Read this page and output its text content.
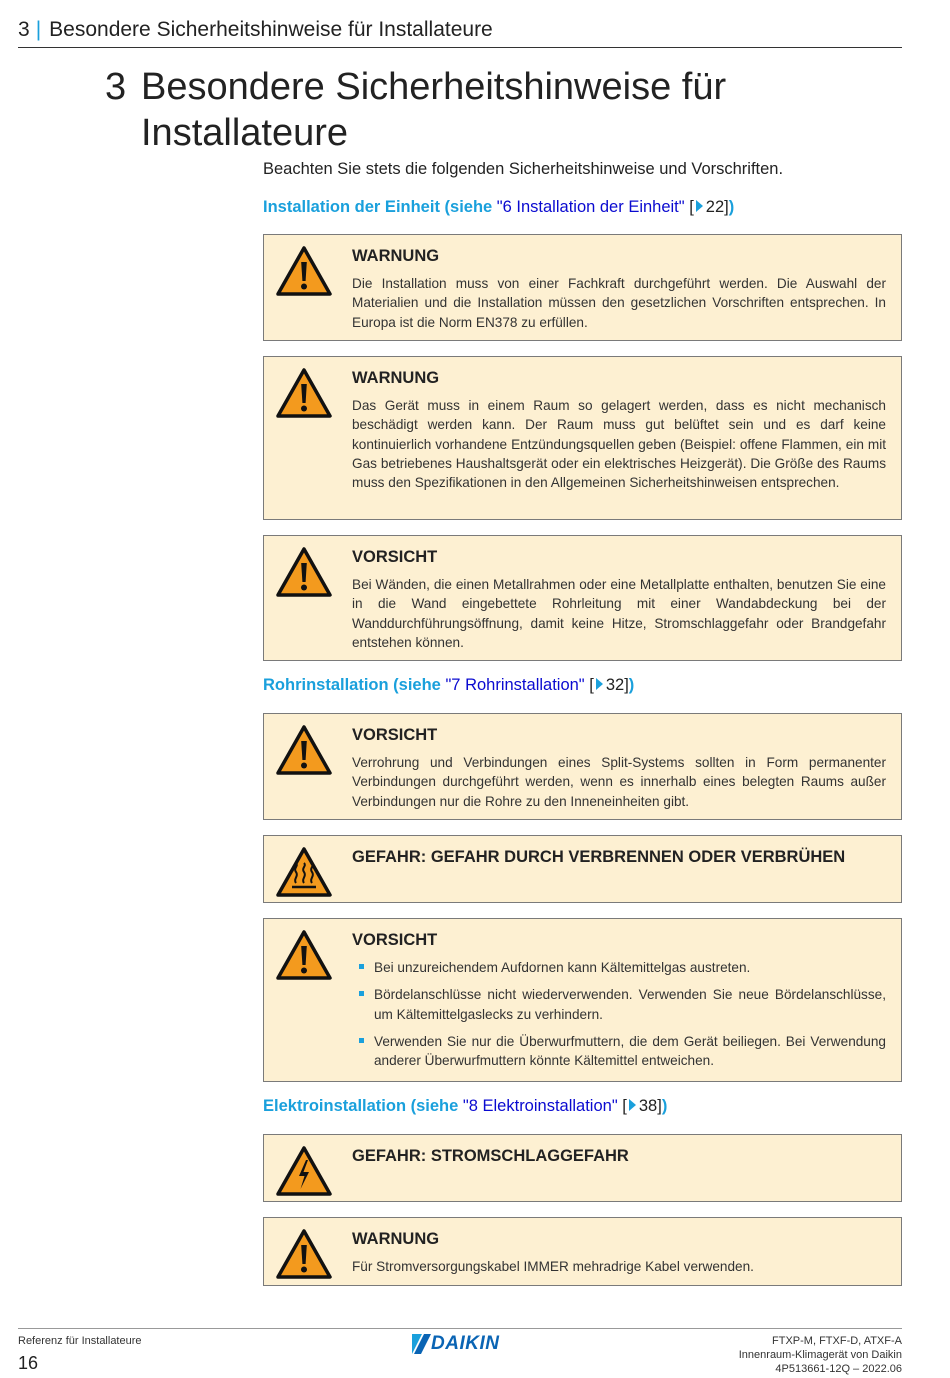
3 | Besondere Sicherheitshinweise für Installateure
3 Besondere Sicherheitshinweise für
Installateure

Beachten Sie stets die folgenden Sicherheitshinweise und Vorschriften.

Installation der Einheit (siehe "6 Installation der Einheit" [ 22])
WARNUNG
Die Installation muss von einer Fachkraft durchgeführt werden. Die Auswahl der Materialien und die Installation müssen den gesetzlichen Vorschriften entsprechen. In Europa ist die Norm EN378 zu erfüllen.
WARNUNG
Das Gerät muss in einem Raum so gelagert werden, dass es nicht mechanisch beschädigt werden kann. Der Raum muss gut belüftet sein und es darf keine kontinuierlich vorhandene Entzündungsquellen geben (Beispiel: offene Flammen, ein mit Gas betriebenes Haushaltsgerät oder ein elektrisches Heizgerät). Die Größe des Raums muss den Spezifikationen in den Allgemeinen Sicherheitshinweisen entsprechen.
VORSICHT
Bei Wänden, die einen Metallrahmen oder eine Metallplatte enthalten, benutzen Sie eine in die Wand eingebettete Rohrleitung mit einer Wandabdeckung bei der Wanddurchführungsöffnung, damit keine Hitze, Stromschlaggefahr oder Brandgefahr entstehen können.
Rohrinstallation (siehe "7 Rohrinstallation" [ 32])
VORSICHT
Verrohrung und Verbindungen eines Split-Systems sollten in Form permanenter Verbindungen durchgeführt werden, wenn es innerhalb eines belegten Raums außer Verbindungen nur die Rohre zu den Inneneinheiten gibt.
GEFAHR: GEFAHR DURCH VERBRENNEN ODER VERBRÜHEN
VORSICHT
Bei unzureichendem Aufdornen kann Kältemittelgas austreten.
Bördelanschlüsse nicht wiederverwenden. Verwenden Sie neue Bördelanschlüsse, um Kältemittelgaslecks zu verhindern.
Verwenden Sie nur die Überwurfmuttern, die dem Gerät beiliegen. Bei Verwendung anderer Überwurfmuttern könnte Kältemittel entweichen.
Elektroinstallation (siehe "8 Elektroinstallation" [ 38])
GEFAHR: STROMSCHLAGGEFAHR
WARNUNG
Für Stromversorgungskabel IMMER mehradrige Kabel verwenden.
Referenz für Installateure
16
DAIKIN	FTXP-M, FTXF-D, ATXF-A
Innenraum-Klimagerät von Daikin
4P513661-12Q – 2022.06
